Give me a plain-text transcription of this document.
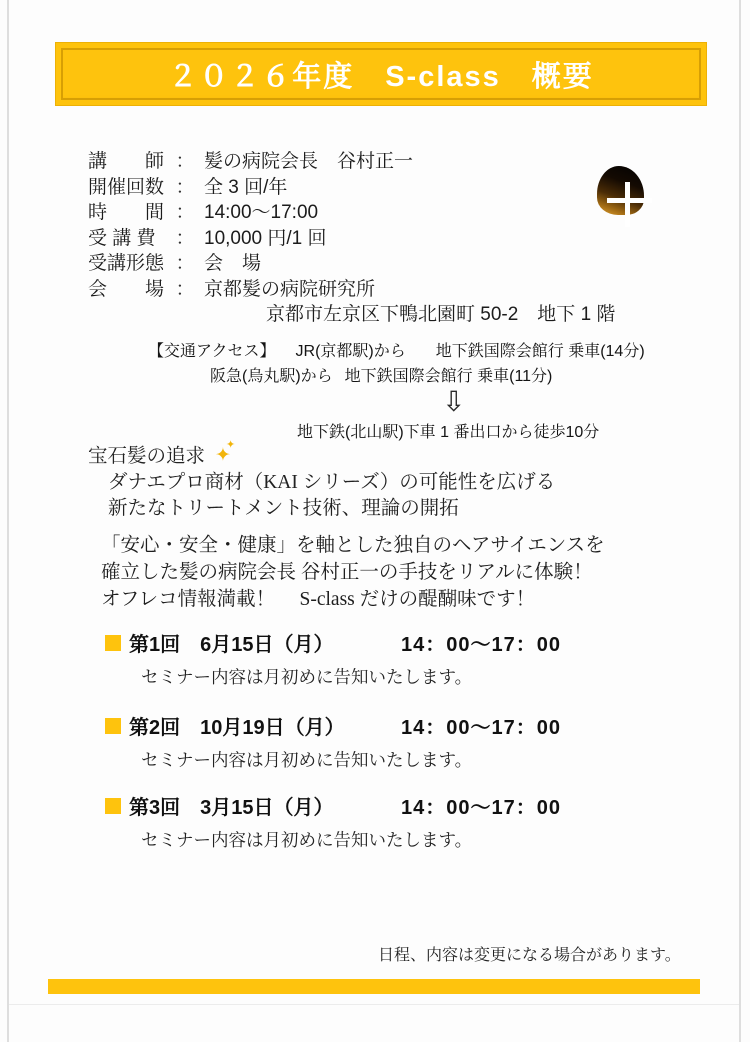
２０２６年度　S-class　概要
講　　師 ： 髪の病院会長　谷村正一
開催回数 ： 全 3 回/年
時　　間 ： 14:00～17:00
受 講 費	： 10,000 円/1 回
受講形態 ： 会　場
会　　場 ： 京都髪の病院研究所
京都市左京区下鴨北園町 50-2　地下 1 階
【交通アクセス】 JR(京都駅)から 地下鉄国際会館行 乗車(14分)
阪急(烏丸駅)から 地下鉄国際会館行 乗車(11分)
⇩
地下鉄(北山駅)下車 1 番出口から徒歩10分
宝石髪の追求 ✦
✦
ダナエプロ商材（KAI シリーズ）の可能性を広げる
新たなトリートメント技術、理論の開拓
「安心・安全・健康」を軸とした独自のヘアサイエンスを
確立した髪の病院会長 谷村正一の手技をリアルに体験！
オフレコ情報満載！　 S-class だけの醍醐味です！
第1回　6月15日（月）	14：00～17：00
セミナー内容は月初めに告知いたします。
第2回　10月19日（月）	14：00～17：00
セミナー内容は月初めに告知いたします。
第3回　3月15日（月）	14：00～17：00
セミナー内容は月初めに告知いたします。
日程、内容は変更になる場合があります。
